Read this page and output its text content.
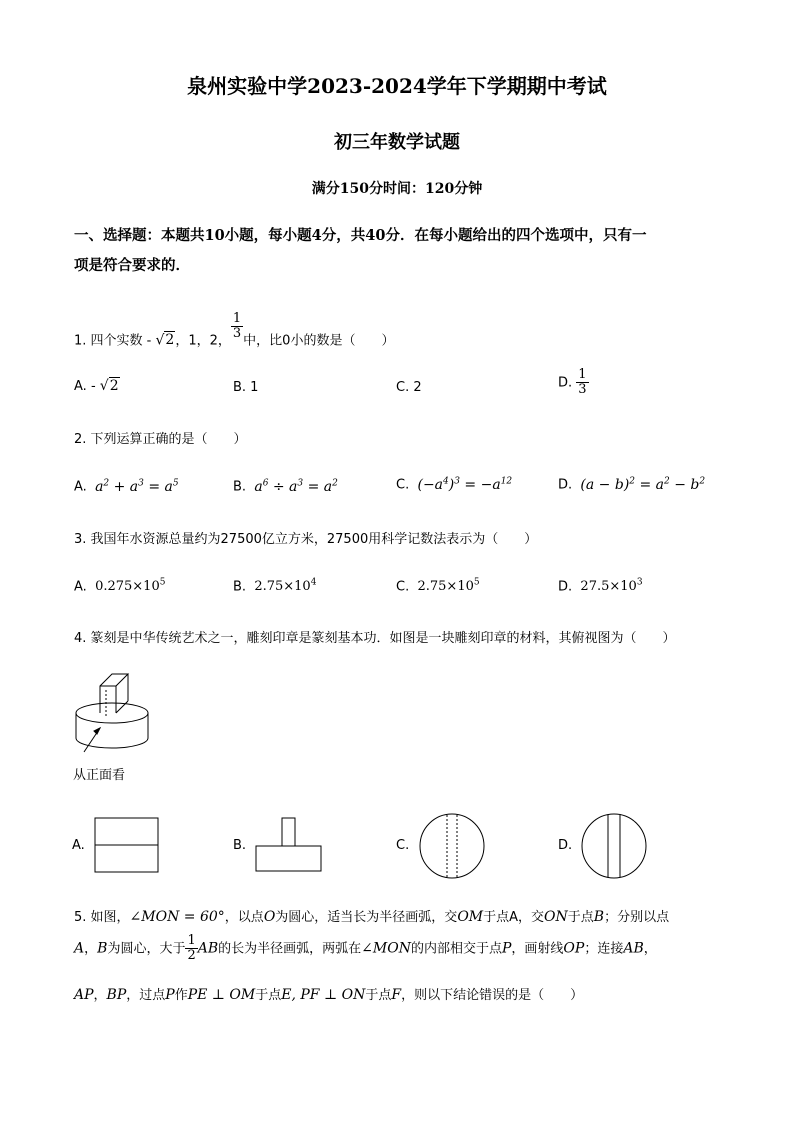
泉州实验中学2023-2024学年下学期期中考试
初三年数学试题
满分150分时间：120分钟
一、选择题：本题共10小题，每小题4分，共40分．在每小题给出的四个选项中，只有一
项是符合要求的．
1. 四个实数 - √2，1，2， $\frac{1}{3}$ 中，比0小的数是（　　）
A. - √2	B. 1	C. 2	D. $\frac{1}{3}$
2. 下列运算正确的是（　　）
A. $a^2 + a^3 = a^5$	B. $a^6 \div a^3 = a^2$	C. $(-a^4)^3 = -a^{12}$	D. $(a - b)^2 = a^2 - b^2$
3. 我国年水资源总量约为27500亿立方米，27500用科学记数法表示为（　　）
A. $0.275\times 10^5$	B. $2.75\times 10^4$	C. $2.75\times 10^5$	D. $27.5\times 10^3$
4. 篆刻是中华传统艺术之一，雕刻印章是篆刻基本功．如图是一块雕刻印章的材料，其俯视图为（　　）
从正面看
A.	B.	C.	D.
5. 如图，∠MON = 60°，以点O为圆心，适当长为半径画弧，交OM于点A，交ON于点B；分别以点
A，B为圆心，大于 $\frac{1}{2}$ AB的长为半径画弧，两弧在∠MON的内部相交于点P，画射线OP；连接AB，
AP，BP，过点P作PE ⊥ OM于点E, PF ⊥ ON于点F，则以下结论错误的是（　　）
